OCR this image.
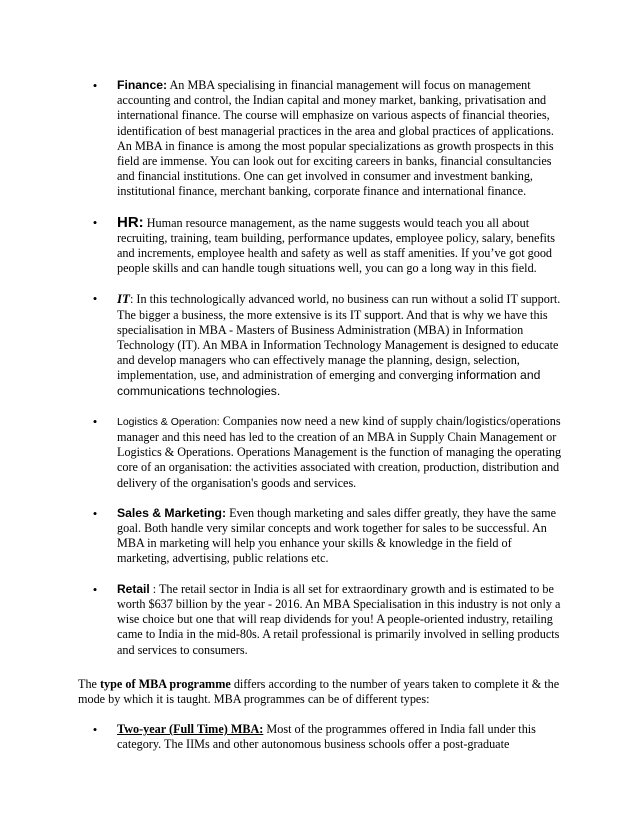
•	Finance: An MBA specialising in financial management will focus on management accounting and control, the Indian capital and money market, banking, privatisation and international finance. The course will emphasize on various aspects of financial theories, identification of best managerial practices in the area and global practices of applications. An MBA in finance is among the most popular specializations as growth prospects in this field are immense. You can look out for exciting careers in banks, financial consultancies and financial institutions. One can get involved in consumer and investment banking, institutional finance, merchant banking, corporate finance and international finance.
•	HR: Human resource management, as the name suggests would teach you all about recruiting, training, team building, performance updates, employee policy, salary, benefits and increments, employee health and safety as well as staff amenities. If you’ve got good people skills and can handle tough situations well, you can go a long way in this field.
•	IT: In this technologically advanced world, no business can run without a solid IT support. The bigger a business, the more extensive is its IT support. And that is why we have this specialisation in MBA - Masters of Business Administration (MBA) in Information Technology (IT). An MBA in Information Technology Management is designed to educate and develop managers who can effectively manage the planning, design, selection, implementation, use, and administration of emerging and converging information and communications technologies.
•	Logistics & Operation: Companies now need a new kind of supply chain/logistics/operations manager and this need has led to the creation of an MBA in Supply Chain Management or Logistics & Operations. Operations Management is the function of managing the operating core of an organisation: the activities associated with creation, production, distribution and delivery of the organisation's goods and services.
•	Sales & Marketing: Even though marketing and sales differ greatly, they have the same goal. Both handle very similar concepts and work together for sales to be successful. An MBA in marketing will help you enhance your skills & knowledge in the field of marketing, advertising, public relations etc.
•	Retail : The retail sector in India is all set for extraordinary growth and is estimated to be worth $637 billion by the year - 2016. An MBA Specialisation in this industry is not only a wise choice but one that will reap dividends for you! A people-oriented industry, retailing came to India in the mid-80s. A retail professional is primarily involved in selling products and services to consumers.

The type of MBA programme differs according to the number of years taken to complete it & the mode by which it is taught. MBA programmes can be of different types:

•	Two-year (Full Time) MBA: Most of the programmes offered in India fall under this category. The IIMs and other autonomous business schools offer a post-graduate
